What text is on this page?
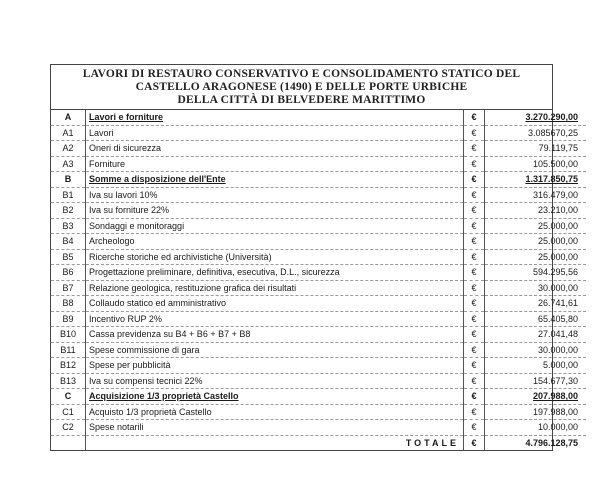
LAVORI DI RESTAURO CONSERVATIVO E CONSOLIDAMENTO STATICO DEL
CASTELLO ARAGONESE (1490) E DELLE PORTE URBICHE
DELLA CITTÀ DI BELVEDERE MARITTIMO
A	Lavori e forniture	€	3.270.290,00
A1	Lavori	€	3.085670,25
A2	Oneri di sicurezza	€	79.119,75
A3	Forniture	€	105.500,00
B	Somme a disposizione dell'Ente	€	1.317.850,75
B1	Iva su lavori 10%	€	316.479,00
B2	Iva su forniture 22%	€	23.210,00
B3	Sondaggi e monitoraggi	€	25.000,00
B4	Archeologo	€	25.000,00
B5	Ricerche storiche ed archivistiche (Università)	€	25.000,00
B6	Progettazione preliminare, definitiva, esecutiva, D.L., sicurezza	€	594.295,56
B7	Relazione geologica, restituzione grafica dei risultati	€	30.000,00
B8	Collaudo statico ed amministrativo	€	26.741,61
B9	Incentivo RUP 2%	€	65.405,80
B10	Cassa previdenza su B4 + B6 + B7 + B8	€	27.041,48
B11	Spese commissione di gara	€	30.000,00
B12	Spese per pubblicità	€	5.000,00
B13	Iva su compensi tecnici 22%	€	154.677,30
C	Acquisizione 1/3 proprietà Castello	€	207.988,00
C1	Acquisto 1/3 proprietà Castello	€	197.988,00
C2	Spese notarili	€	10.000,00
	TOTALE	€	4.796.128,75
